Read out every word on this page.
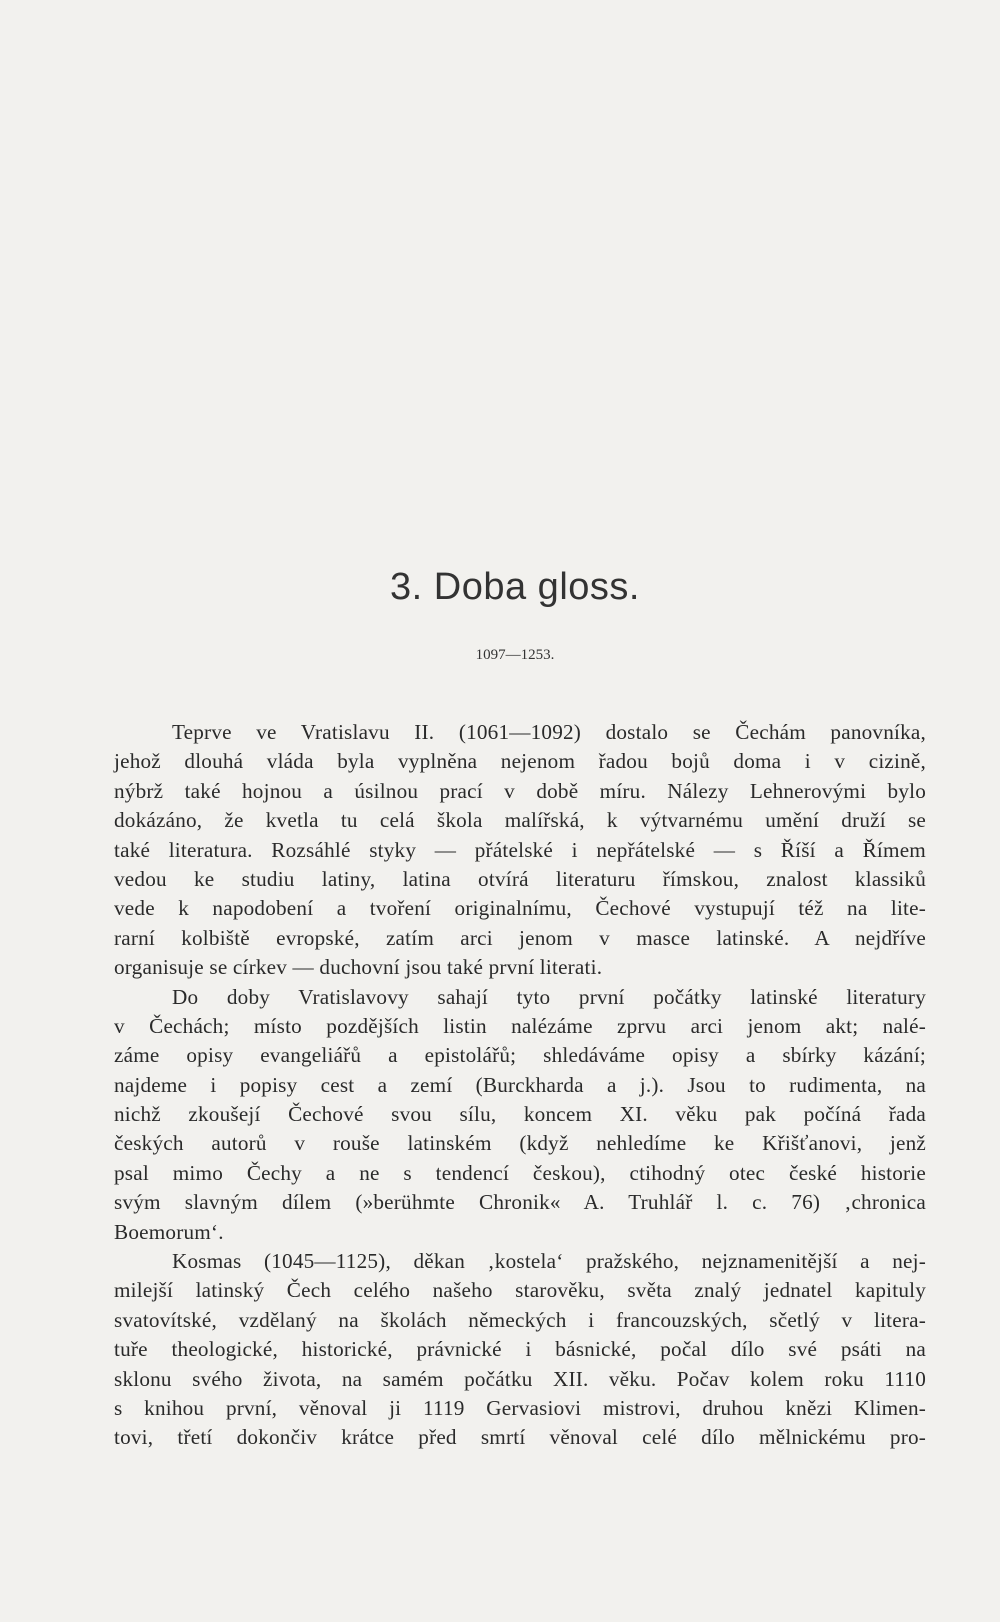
3. Doba gloss.
1097—1253.
Teprve ve Vratislavu II. (1061—1092) dostalo se Čechám panovníka,
jehož dlouhá vláda byla vyplněna nejenom řadou bojů doma i v cizině,
nýbrž také hojnou a úsilnou prací v době míru. Nálezy Lehnerovými bylo
dokázáno, že kvetla tu celá škola malířská, k výtvarnému umění druží se
také literatura. Rozsáhlé styky — přátelské i nepřátelské — s Říší a Římem
vedou ke studiu latiny, latina otvírá literaturu římskou, znalost klassiků
vede k napodobení a tvoření originalnímu, Čechové vystupují též na lite-
rarní kolbiště evropské, zatím arci jenom v masce latinské. A nejdříve
organisuje se církev — duchovní jsou také první literati.
Do doby Vratislavovy sahají tyto první počátky latinské literatury
v Čechách; místo pozdějších listin nalézáme zprvu arci jenom akt; nalé-
záme opisy evangeliářů a epistolářů; shledáváme opisy a sbírky kázání;
najdeme i popisy cest a zemí (Burckharda a j.). Jsou to rudimenta, na
nichž zkoušejí Čechové svou sílu, koncem XI. věku pak počíná řada
českých autorů v rouše latinském (když nehledíme ke Křišťanovi, jenž
psal mimo Čechy a ne s tendencí českou), ctihodný otec české historie
svým slavným dílem (»berühmte Chronik« A. Truhlář l. c. 76) ‚chronica
Boemorum‘.
Kosmas (1045—1125), děkan ‚kostela‘ pražského, nejznamenitější a nej-
milejší latinský Čech celého našeho starověku, světa znalý jednatel kapituly
svatovítské, vzdělaný na školách německých i francouzských, sčetlý v litera-
tuře theologické, historické, právnické i básnické, počal dílo své psáti na
sklonu svého života, na samém počátku XII. věku. Počav kolem roku 1110
s knihou první, věnoval ji 1119 Gervasiovi mistrovi, druhou knězi Klimen-
tovi, třetí dokončiv krátce před smrtí věnoval celé dílo mělnickému pro-
